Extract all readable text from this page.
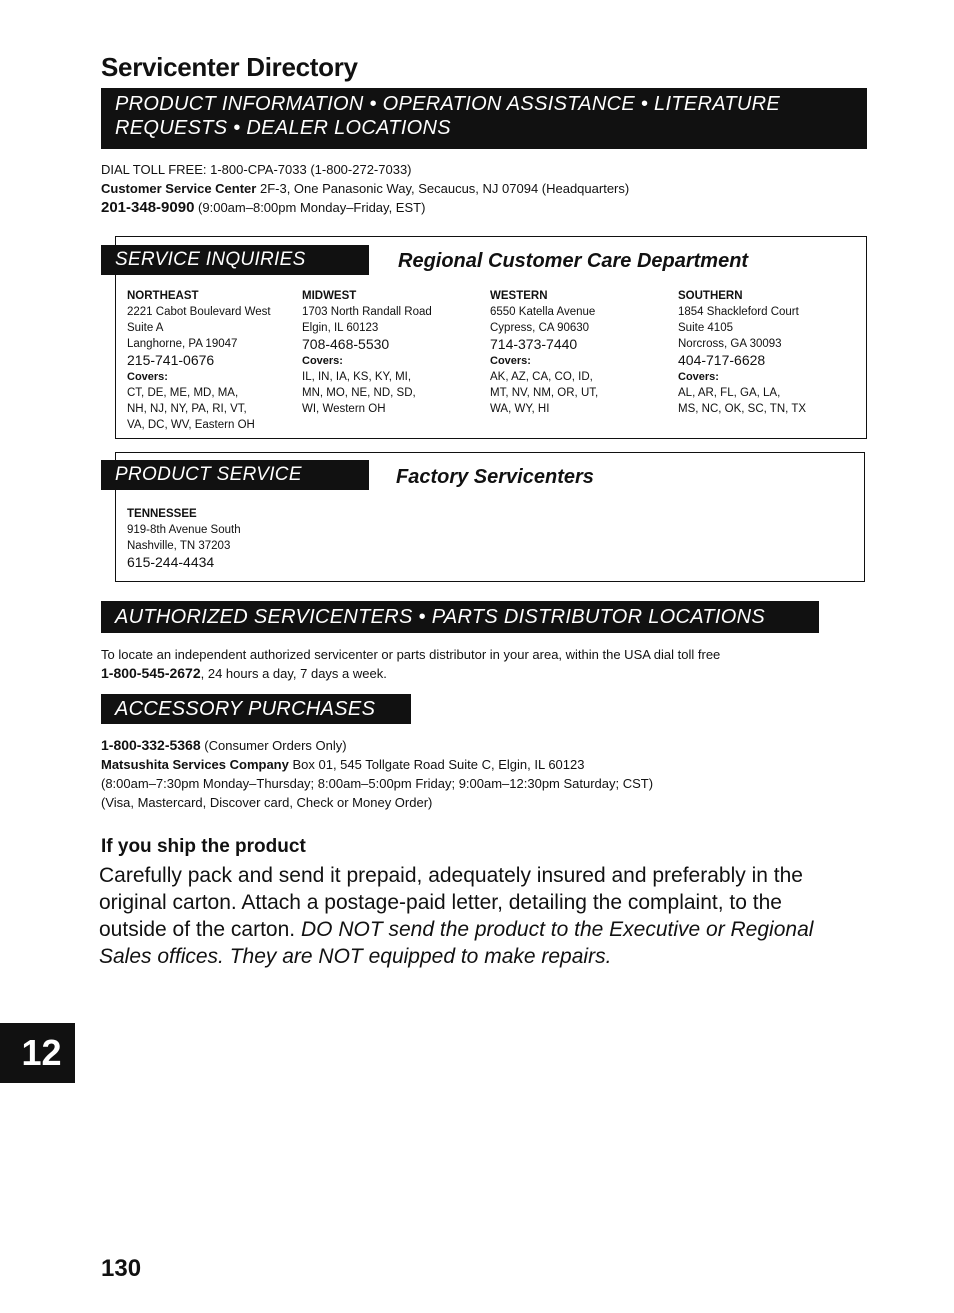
Servicenter Directory
PRODUCT INFORMATION • OPERATION ASSISTANCE • LITERATURE
REQUESTS • DEALER LOCATIONS
DIAL TOLL FREE: 1-800-CPA-7033 (1-800-272-7033)
Customer Service Center 2F-3, One Panasonic Way, Secaucus, NJ 07094 (Headquarters)
201-348-9090 (9:00am–8:00pm Monday–Friday, EST)
SERVICE INQUIRIES	Regional Customer Care Department
NORTHEAST
2221 Cabot Boulevard West
Suite A
Langhorne, PA 19047
215-741-0676
Covers:
CT, DE, ME, MD, MA,
NH, NJ, NY, PA, RI, VT,
VA, DC, WV, Eastern OH
MIDWEST
1703 North Randall Road
Elgin, IL 60123
708-468-5530
Covers:
IL, IN, IA, KS, KY, MI,
MN, MO, NE, ND, SD,
WI, Western OH
WESTERN
6550 Katella Avenue
Cypress, CA 90630
714-373-7440
Covers:
AK, AZ, CA, CO, ID,
MT, NV, NM, OR, UT,
WA, WY, HI
SOUTHERN
1854 Shackleford Court
Suite 4105
Norcross, GA 30093
404-717-6628
Covers:
AL, AR, FL, GA, LA,
MS, NC, OK, SC, TN, TX
PRODUCT SERVICE	Factory Servicenters
TENNESSEE
919-8th Avenue South
Nashville, TN 37203
615-244-4434
AUTHORIZED SERVICENTERS • PARTS DISTRIBUTOR LOCATIONS
To locate an independent authorized servicenter or parts distributor in your area, within the USA dial toll free
1-800-545-2672, 24 hours a day, 7 days a week.
ACCESSORY PURCHASES
1-800-332-5368 (Consumer Orders Only)
Matsushita Services Company Box 01, 545 Tollgate Road Suite C, Elgin, IL 60123
(8:00am–7:30pm Monday–Thursday; 8:00am–5:00pm Friday; 9:00am–12:30pm Saturday; CST)
(Visa, Mastercard, Discover card, Check or Money Order)
If you ship the product
Carefully pack and send it prepaid, adequately insured and preferably in the original carton. Attach a postage-paid letter, detailing the complaint, to the outside of the carton. DO NOT send the product to the Executive or Regional Sales offices. They are NOT equipped to make repairs.
12
130
